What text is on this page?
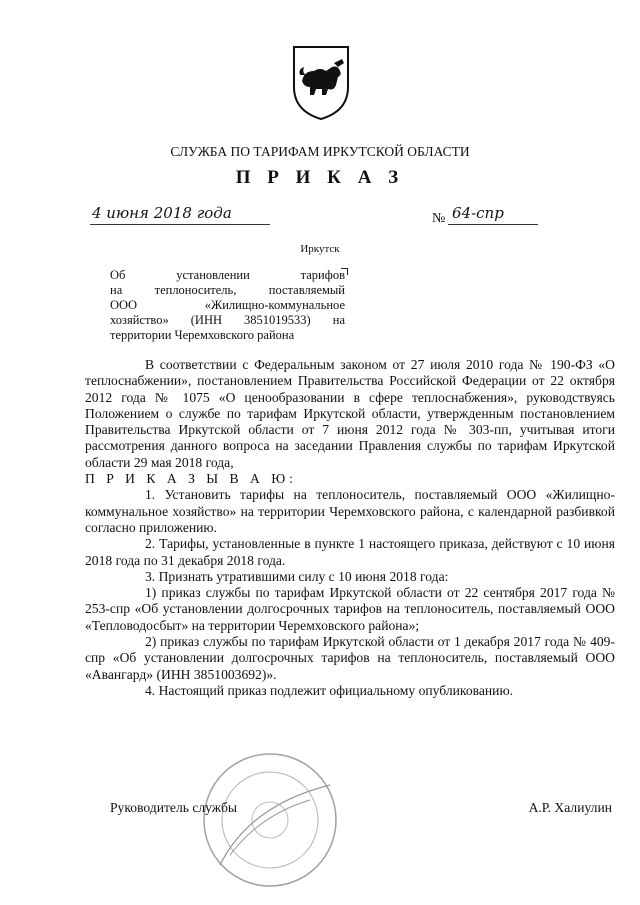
СЛУЖБА ПО ТАРИФАМ ИРКУТСКОЙ ОБЛАСТИ
П Р И К А З
4 июня 2018 года	№ 64-спр
Иркутск
Об установлении тарифов
на теплоноситель, поставляемый
ООО «Жилищно-коммунальное
хозяйство» (ИНН 3851019533) на
территории Черемховского района

В соответствии с Федеральным законом от 27 июля 2010 года № 190-ФЗ «О теплоснабжении», постановлением Правительства Российской Федерации от 22 октября 2012 года № 1075 «О ценообразовании в сфере теплоснабжения», руководствуясь Положением о службе по тарифам Иркутской области, утвержденным постановлением Правительства Иркутской области от 7 июня 2012 года № 303-пп, учитывая итоги рассмотрения данного вопроса на заседании Правления службы по тарифам Иркутской области 29 мая 2018 года,

П Р И К А З Ы В А Ю:

1. Установить тарифы на теплоноситель, поставляемый ООО «Жилищно-коммунальное хозяйство» на территории Черемховского района, с календарной разбивкой согласно приложению.

2. Тарифы, установленные в пункте 1 настоящего приказа, действуют с 10 июня 2018 года по 31 декабря 2018 года.

3. Признать утратившими силу с 10 июня 2018 года:

1) приказ службы по тарифам Иркутской области от 22 сентября 2017 года № 253-спр «Об установлении долгосрочных тарифов на теплоноситель, поставляемый ООО «Тепловодосбыт» на территории Черемховского района»;

2) приказ службы по тарифам Иркутской области от 1 декабря 2017 года № 409-спр «Об установлении долгосрочных тарифов на теплоноситель, поставляемый ООО «Авангард» (ИНН 3851003692)».

4. Настоящий приказ подлежит официальному опубликованию.

Руководитель службы	А.Р. Халиулин
